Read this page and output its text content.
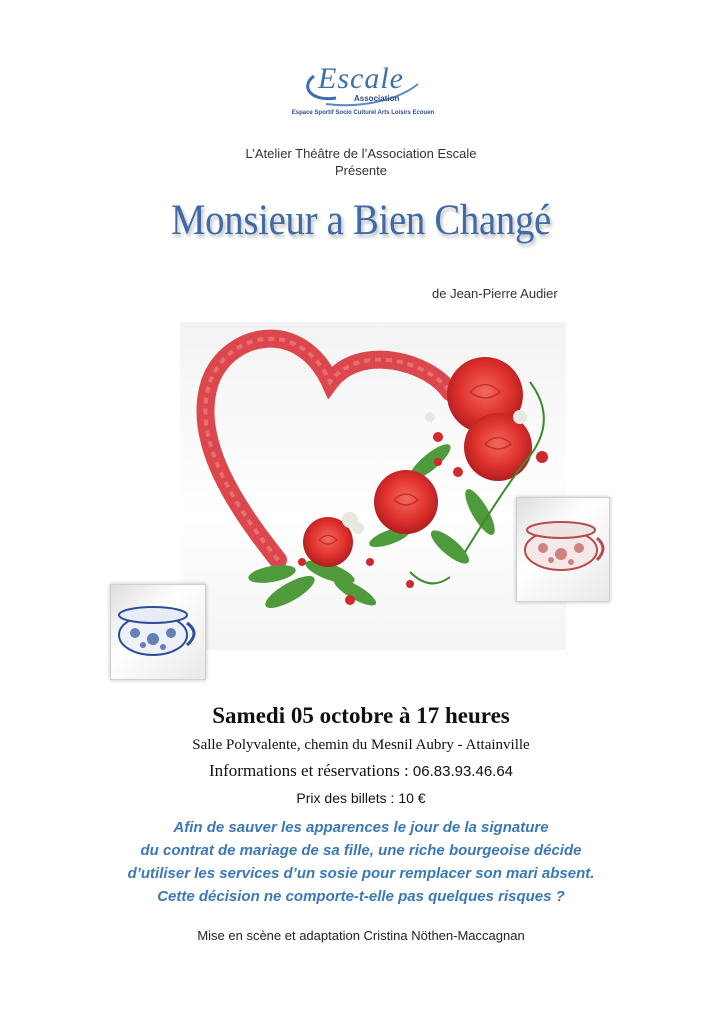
Escale
Association
Espace Sportif Socio Culturel Arts Loisirs Ecouen
L’Atelier Théâtre de l’Association Escale
Présente
Monsieur a Bien Changé
de Jean-Pierre Audier
Samedi 05 octobre à 17 heures
Salle Polyvalente, chemin du Mesnil Aubry - Attainville
Informations et réservations : 06.83.93.46.64
Prix des billets : 10 €
Afin de sauver les apparences le jour de la signature
du contrat de mariage de sa fille, une riche bourgeoise décide
d’utiliser les services d’un sosie pour remplacer son mari absent.
Cette décision ne comporte-t-elle pas quelques risques ?
Mise en scène et adaptation Cristina Nöthen-Maccagnan
